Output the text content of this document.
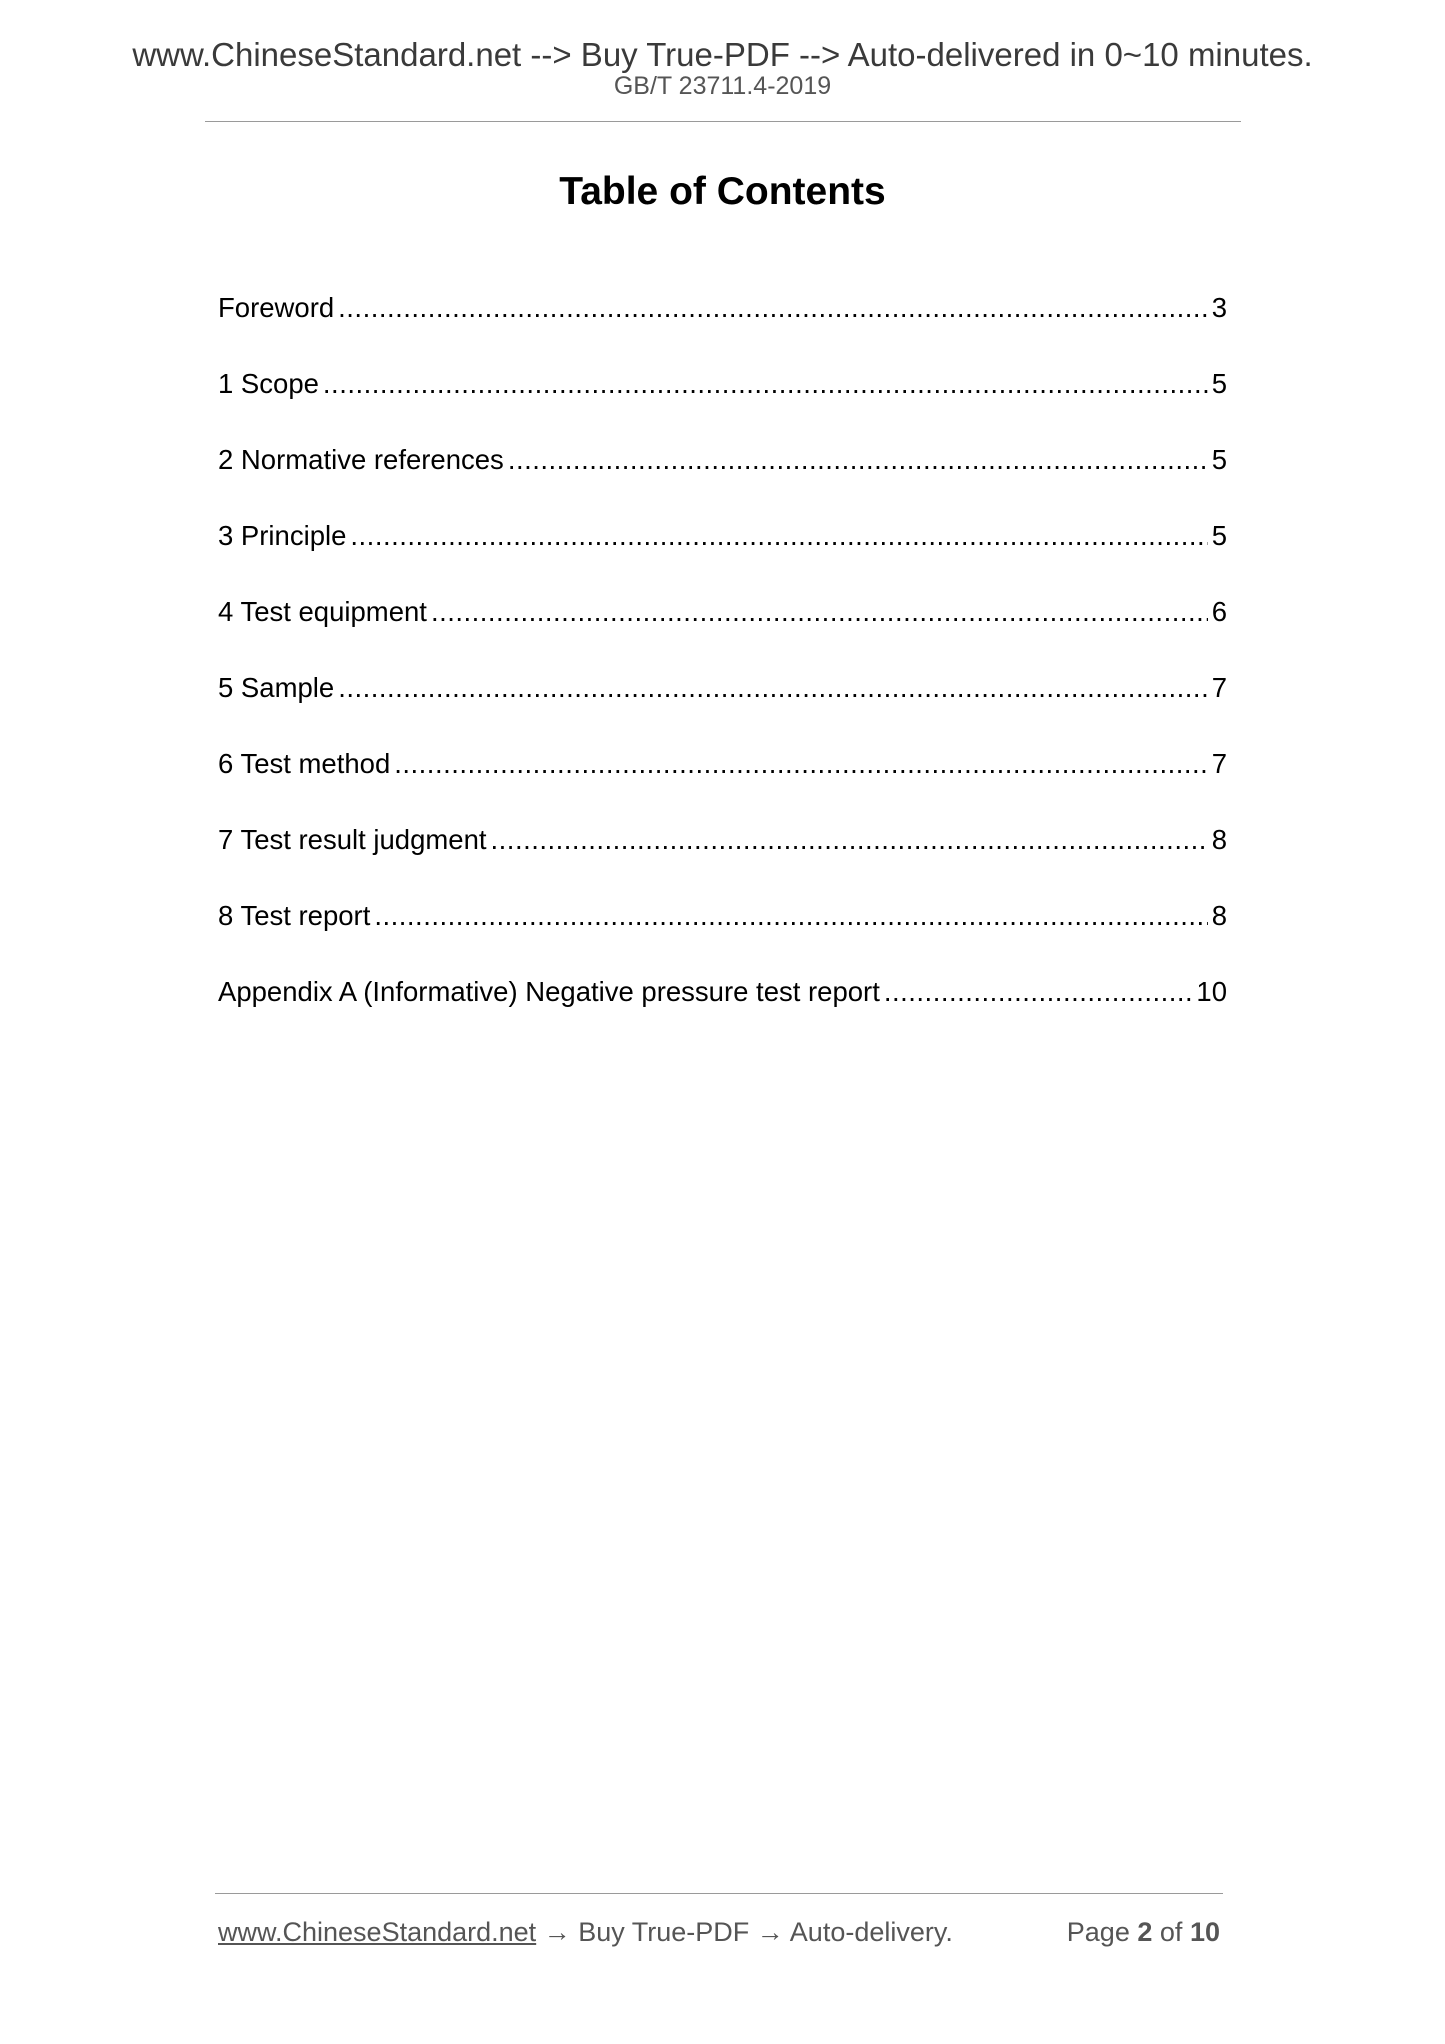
www.ChineseStandard.net --> Buy True-PDF --> Auto-delivered in 0~10 minutes.
GB/T 23711.4-2019
Table of Contents
Foreword .....	3
1 Scope .....	5
2 Normative references .....	5
3 Principle .....	5
4 Test equipment .....	6
5 Sample .....	7
6 Test method .....	7
7 Test result judgment .....	8
8 Test report .....	8
Appendix A (Informative) Negative pressure test report .....	10
www.ChineseStandard.net → Buy True-PDF → Auto-delivery.	Page 2 of 10
